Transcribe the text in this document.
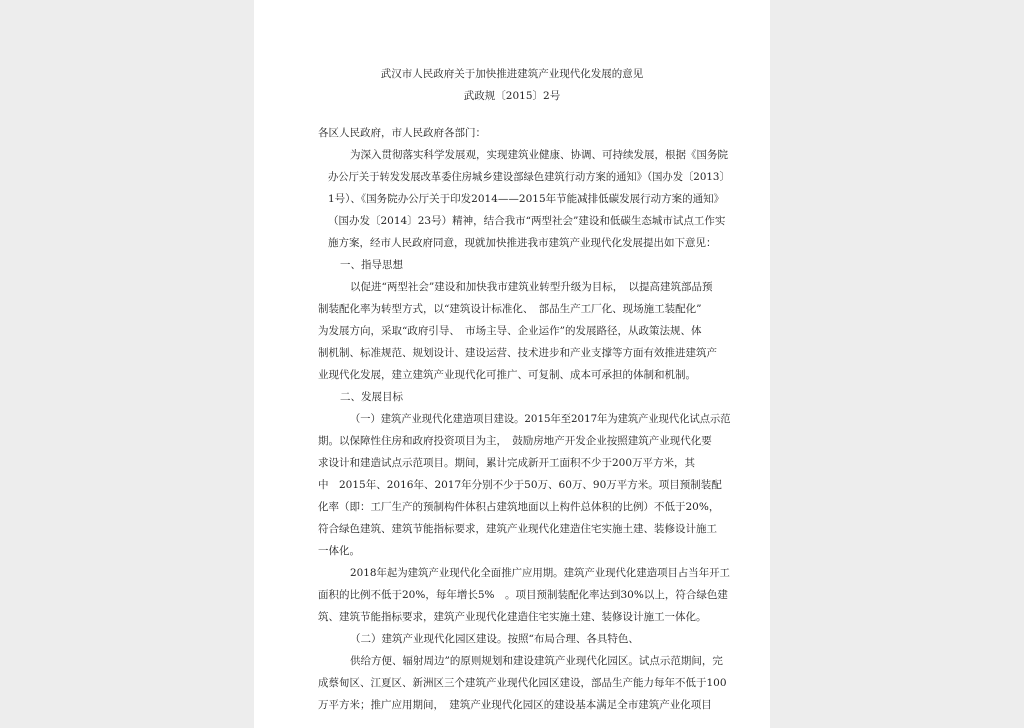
武汉市人民政府关于加快推进建筑产业现代化发展的意见
武政规〔2015〕2号
各区人民政府，市人民政府各部门：
为深入贯彻落实科学发展观，实现建筑业健康、协调、可持续发展，根据《国务院
办公厅关于转发发展改革委住房城乡建设部绿色建筑行动方案的通知》（国办发〔2013〕
1号）、《国务院办公厅关于印发2014——2015年节能减排低碳发展行动方案的通知》
（国办发〔2014〕23号）精神，结合我市“两型社会”建设和低碳生态城市试点工作实
施方案，经市人民政府同意，现就加快推进我市建筑产业现代化发展提出如下意见：
一、指导思想
以促进“两型社会”建设和加快我市建筑业转型升级为目标，　以提高建筑部品预
制装配化率为转型方式，以“建筑设计标准化、　部品生产工厂化、现场施工装配化”
为发展方向，采取“政府引导、　市场主导、企业运作”的发展路径，从政策法规、体
制机制、标准规范、规划设计、建设运营、技术进步和产业支撑等方面有效推进建筑产
业现代化发展，建立建筑产业现代化可推广、可复制、成本可承担的体制和机制。
二、发展目标
（一）建筑产业现代化建造项目建设。2015年至2017年为建筑产业现代化试点示范
期。以保障性住房和政府投资项目为主，　鼓励房地产开发企业按照建筑产业现代化要
求设计和建造试点示范项目。期间，累计完成新开工面积不少于200万平方米，其
中　2015年、2016年、2017年分别不少于50万、60万、90万平方米。项目预制装配
化率（即：工厂生产的预制构件体积占建筑地面以上构件总体积的比例）不低于20%，
符合绿色建筑、建筑节能指标要求，建筑产业现代化建造住宅实施土建、装修设计施工
一体化。
2018年起为建筑产业现代化全面推广应用期。建筑产业现代化建造项目占当年开工
面积的比例不低于20%，每年增长5%　。项目预制装配化率达到30%以上，符合绿色建
筑、建筑节能指标要求，建筑产业现代化建造住宅实施土建、装修设计施工一体化。
（二）建筑产业现代化园区建设。按照“布局合理、各具特色、
供给方便、辐射周边”的原则规划和建设建筑产业现代化园区。试点示范期间，完
成蔡甸区、江夏区、新洲区三个建筑产业现代化园区建设，部品生产能力每年不低于100
万平方米；推广应用期间，　建筑产业现代化园区的建设基本满足全市建筑产业化项目
